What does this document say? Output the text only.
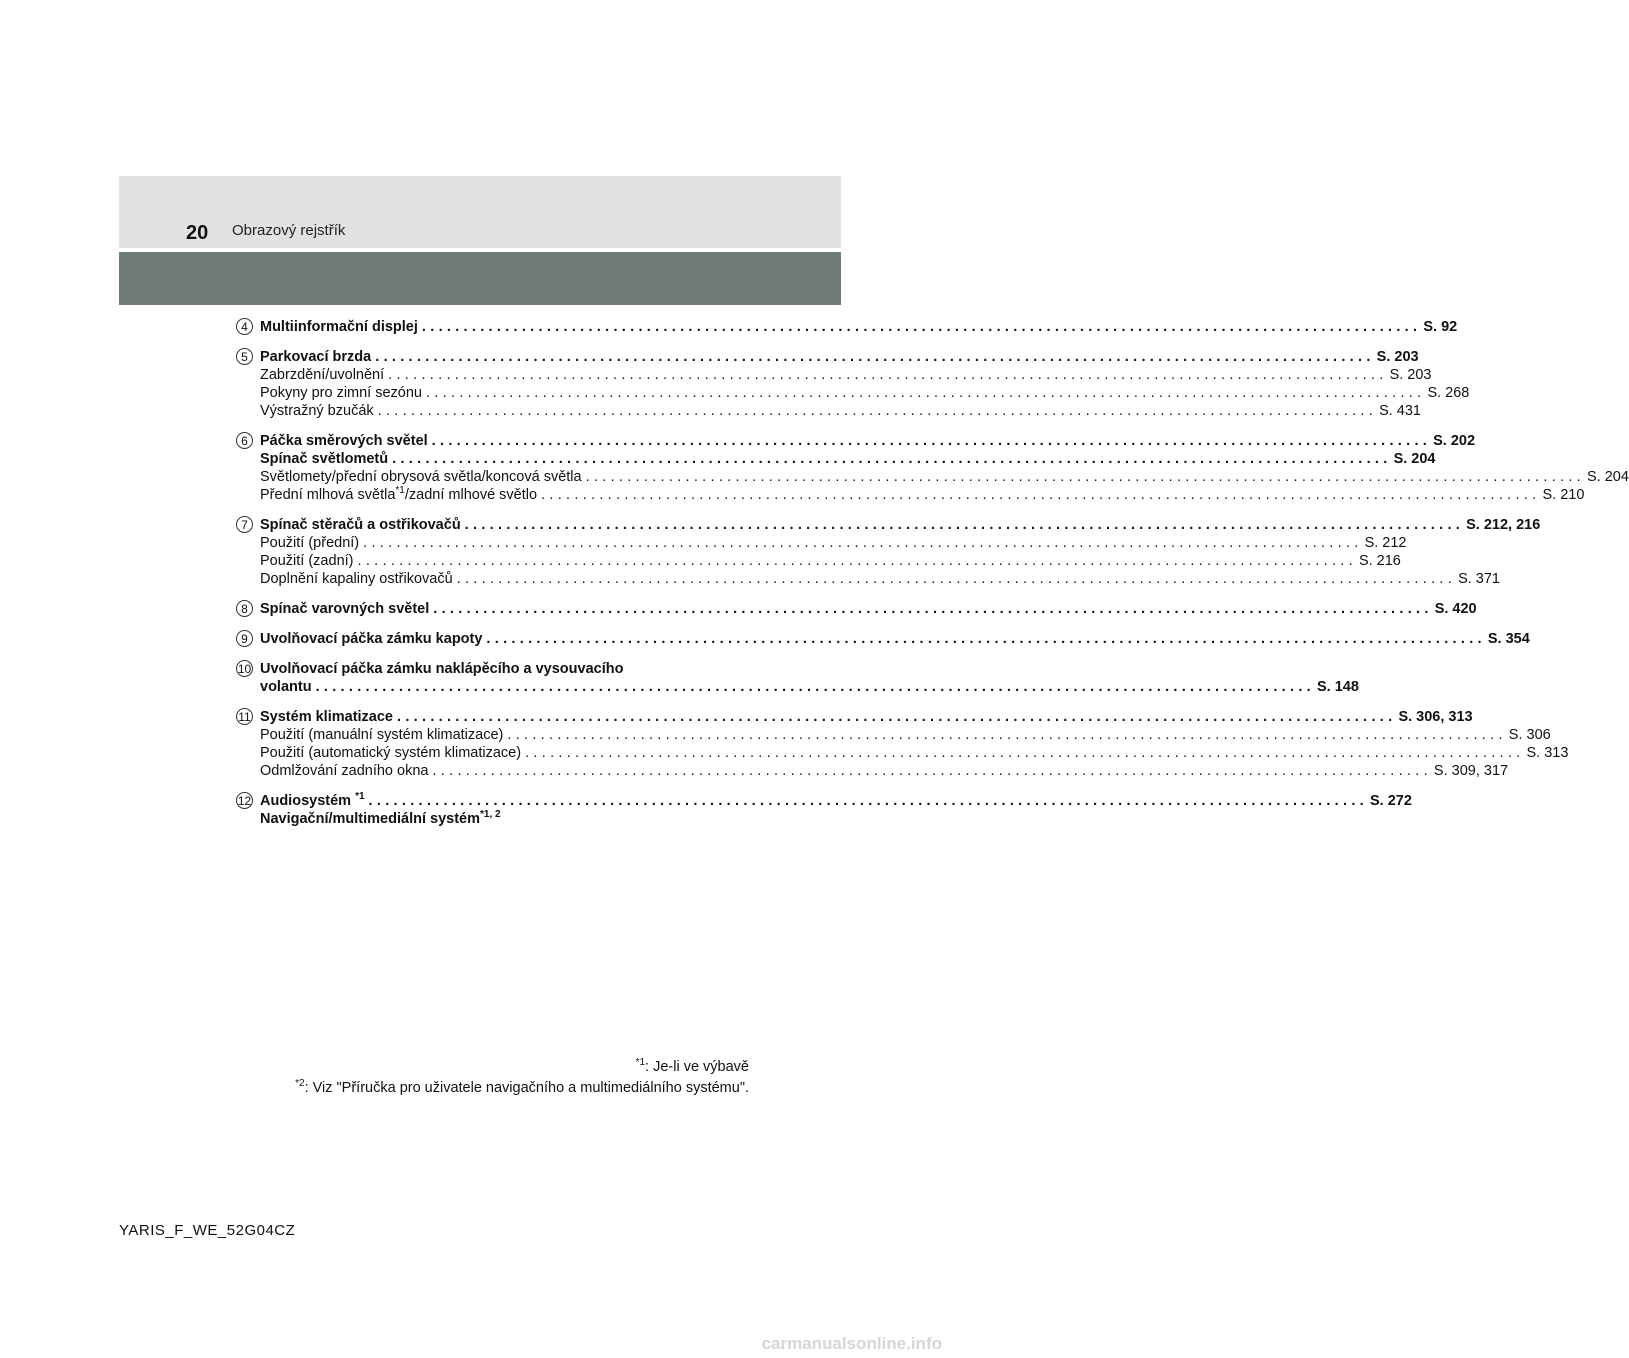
20 Obrazový rejstřík
4 Multiinformační displej ........................................................................................................................ S. 92
5 Parkovací brzda ........................................................................................................................ S. 203
Zabrzdění/uvolnění ........................................................................................................................ S. 203
Pokyny pro zimní sezónu ........................................................................................................................ S. 268
Výstražný bzučák ........................................................................................................................ S. 431
6 Páčka směrových světel ........................................................................................................................ S. 202
Spínač světlometů ........................................................................................................................ S. 204
Světlomety/přední obrysová světla/koncová světla ........................................................................................................................ S. 204
Přední mlhová světla$^{*1}$/zadní mlhové světlo ........................................................................................................................ S. 210
7 Spínač stěračů a ostřikovačů ........................................................................................................................ S. 212, 216
Použití (přední) ........................................................................................................................ S. 212
Použití (zadní) ........................................................................................................................ S. 216
Doplnění kapaliny ostřikovačů ........................................................................................................................ S. 371
8 Spínač varovných světel ........................................................................................................................ S. 420
9 Uvolňovací páčka zámku kapoty ........................................................................................................................ S. 354
10 Uvolňovací páčka zámku naklápěcího a vysouvacího
volantu ........................................................................................................................ S. 148
11 Systém klimatizace ........................................................................................................................ S. 306, 313
Použití (manuální systém klimatizace) ........................................................................................................................ S. 306
Použití (automatický systém klimatizace) ........................................................................................................................ S. 313
Odmlžování zadního okna ........................................................................................................................ S. 309, 317
12 Audiosystém $^{*1}$ ........................................................................................................................ S. 272
Navigační/multimediální systém$^{*1, 2}$
$^{*1}$: Je-li ve výbavě
$^{*2}$: Viz "Příručka pro uživatele navigačního a multimediálního systému".
YARIS_F_WE_52G04CZ
carmanualsonline.info
